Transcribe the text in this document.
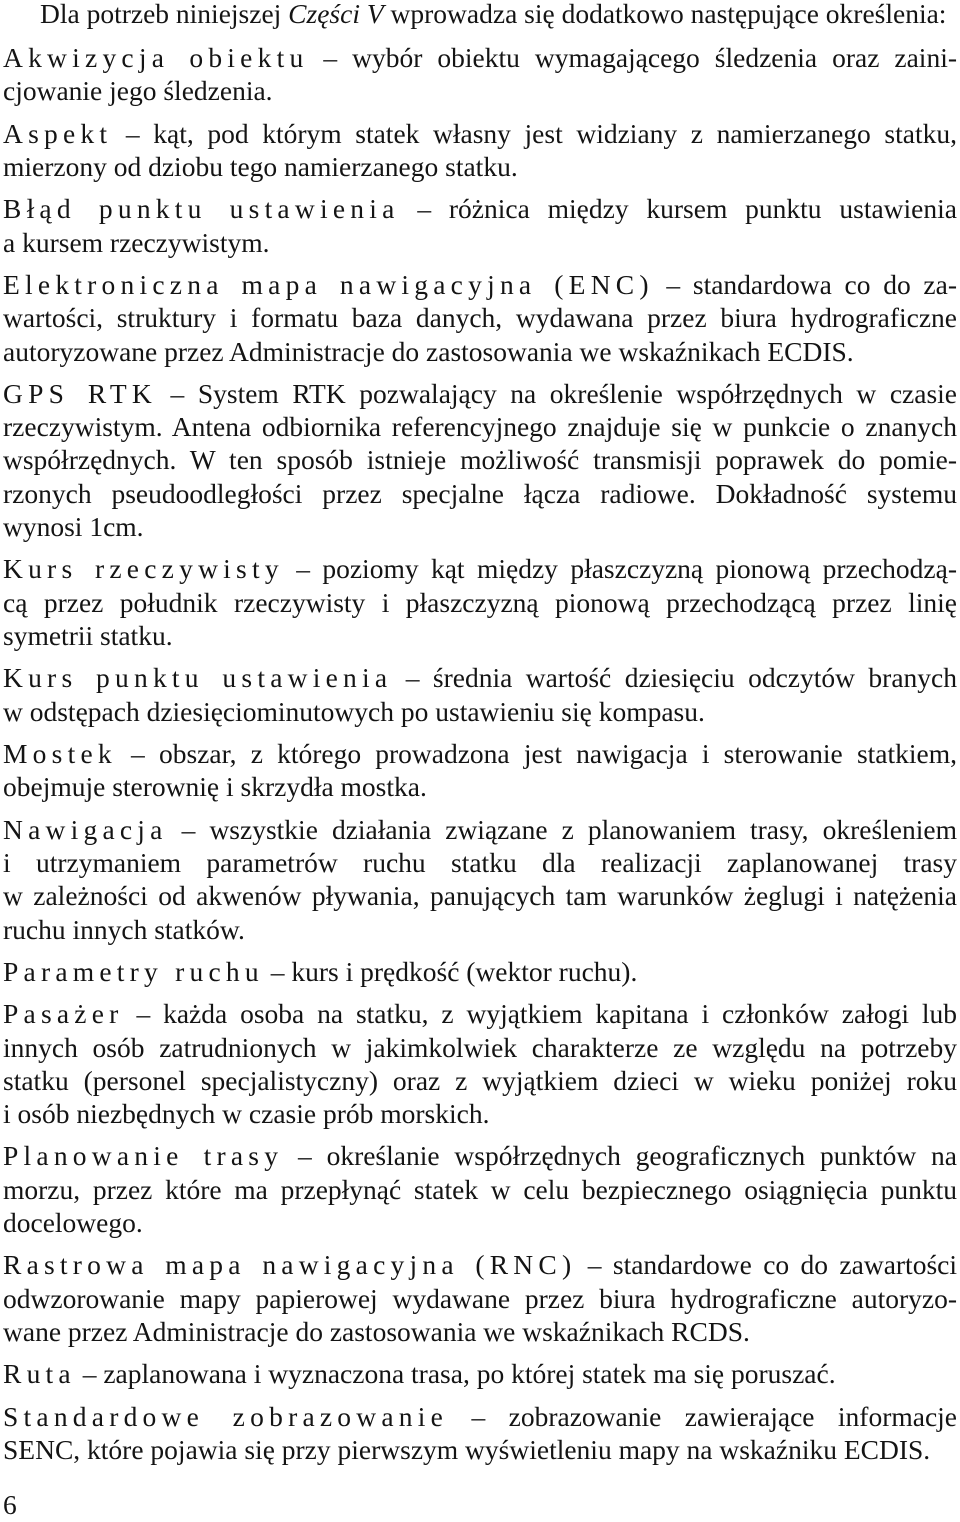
Dla potrzeb niniejszej Części V wprowadza się dodatkowo następujące określenia:
Akwizycja obiektu – wybór obiektu wymagającego śledzenia oraz zaini-
cjowanie jego śledzenia.
Aspekt – kąt, pod którym statek własny jest widziany z namierzanego statku,
mierzony od dziobu tego namierzanego statku.
Błąd punktu ustawienia – różnica między kursem punktu ustawienia
a kursem rzeczywistym.
Elektroniczna mapa nawigacyjna (ENC) – standardowa co do za-
wartości, struktury i formatu baza danych, wydawana przez biura hydrograficzne
autoryzowane przez Administracje do zastosowania we wskaźnikach ECDIS.
GPS RTK – System RTK pozwalający na określenie współrzędnych w czasie
rzeczywistym. Antena odbiornika referencyjnego znajduje się w punkcie o znanych
współrzędnych. W ten sposób istnieje możliwość transmisji poprawek do pomie-
rzonych pseudoodległości przez specjalne łącza radiowe. Dokładność systemu
wynosi 1cm.
Kurs rzeczywisty – poziomy kąt między płaszczyzną pionową przechodzą-
cą przez południk rzeczywisty i płaszczyzną pionową przechodzącą przez linię
symetrii statku.
Kurs punktu ustawienia – średnia wartość dziesięciu odczytów branych
w odstępach dziesięciominutowych po ustawieniu się kompasu.
Mostek – obszar, z którego prowadzona jest nawigacja i sterowanie statkiem,
obejmuje sterownię i skrzydła mostka.
Nawigacja – wszystkie działania związane z planowaniem trasy, określeniem
i utrzymaniem parametrów ruchu statku dla realizacji zaplanowanej trasy
w zależności od akwenów pływania, panujących tam warunków żeglugi i natężenia
ruchu innych statków.
Parametry ruchu – kurs i prędkość (wektor ruchu).
Pasażer – każda osoba na statku, z wyjątkiem kapitana i członków załogi lub
innych osób zatrudnionych w jakimkolwiek charakterze ze względu na potrzeby
statku (personel specjalistyczny) oraz z wyjątkiem dzieci w wieku poniżej roku
i osób niezbędnych w czasie prób morskich.
Planowanie trasy – określanie współrzędnych geograficznych punktów na
morzu, przez które ma przepłynąć statek w celu bezpiecznego osiągnięcia punktu
docelowego.
Rastrowa mapa nawigacyjna (RNC) – standardowe co do zawartości
odwzorowanie mapy papierowej wydawane przez biura hydrograficzne autoryzo-
wane przez Administracje do zastosowania we wskaźnikach RCDS.
Ruta – zaplanowana i wyznaczona trasa, po której statek ma się poruszać.
Standardowe zobrazowanie – zobrazowanie zawierające informacje
SENC, które pojawia się przy pierwszym wyświetleniu mapy na wskaźniku ECDIS.
6
